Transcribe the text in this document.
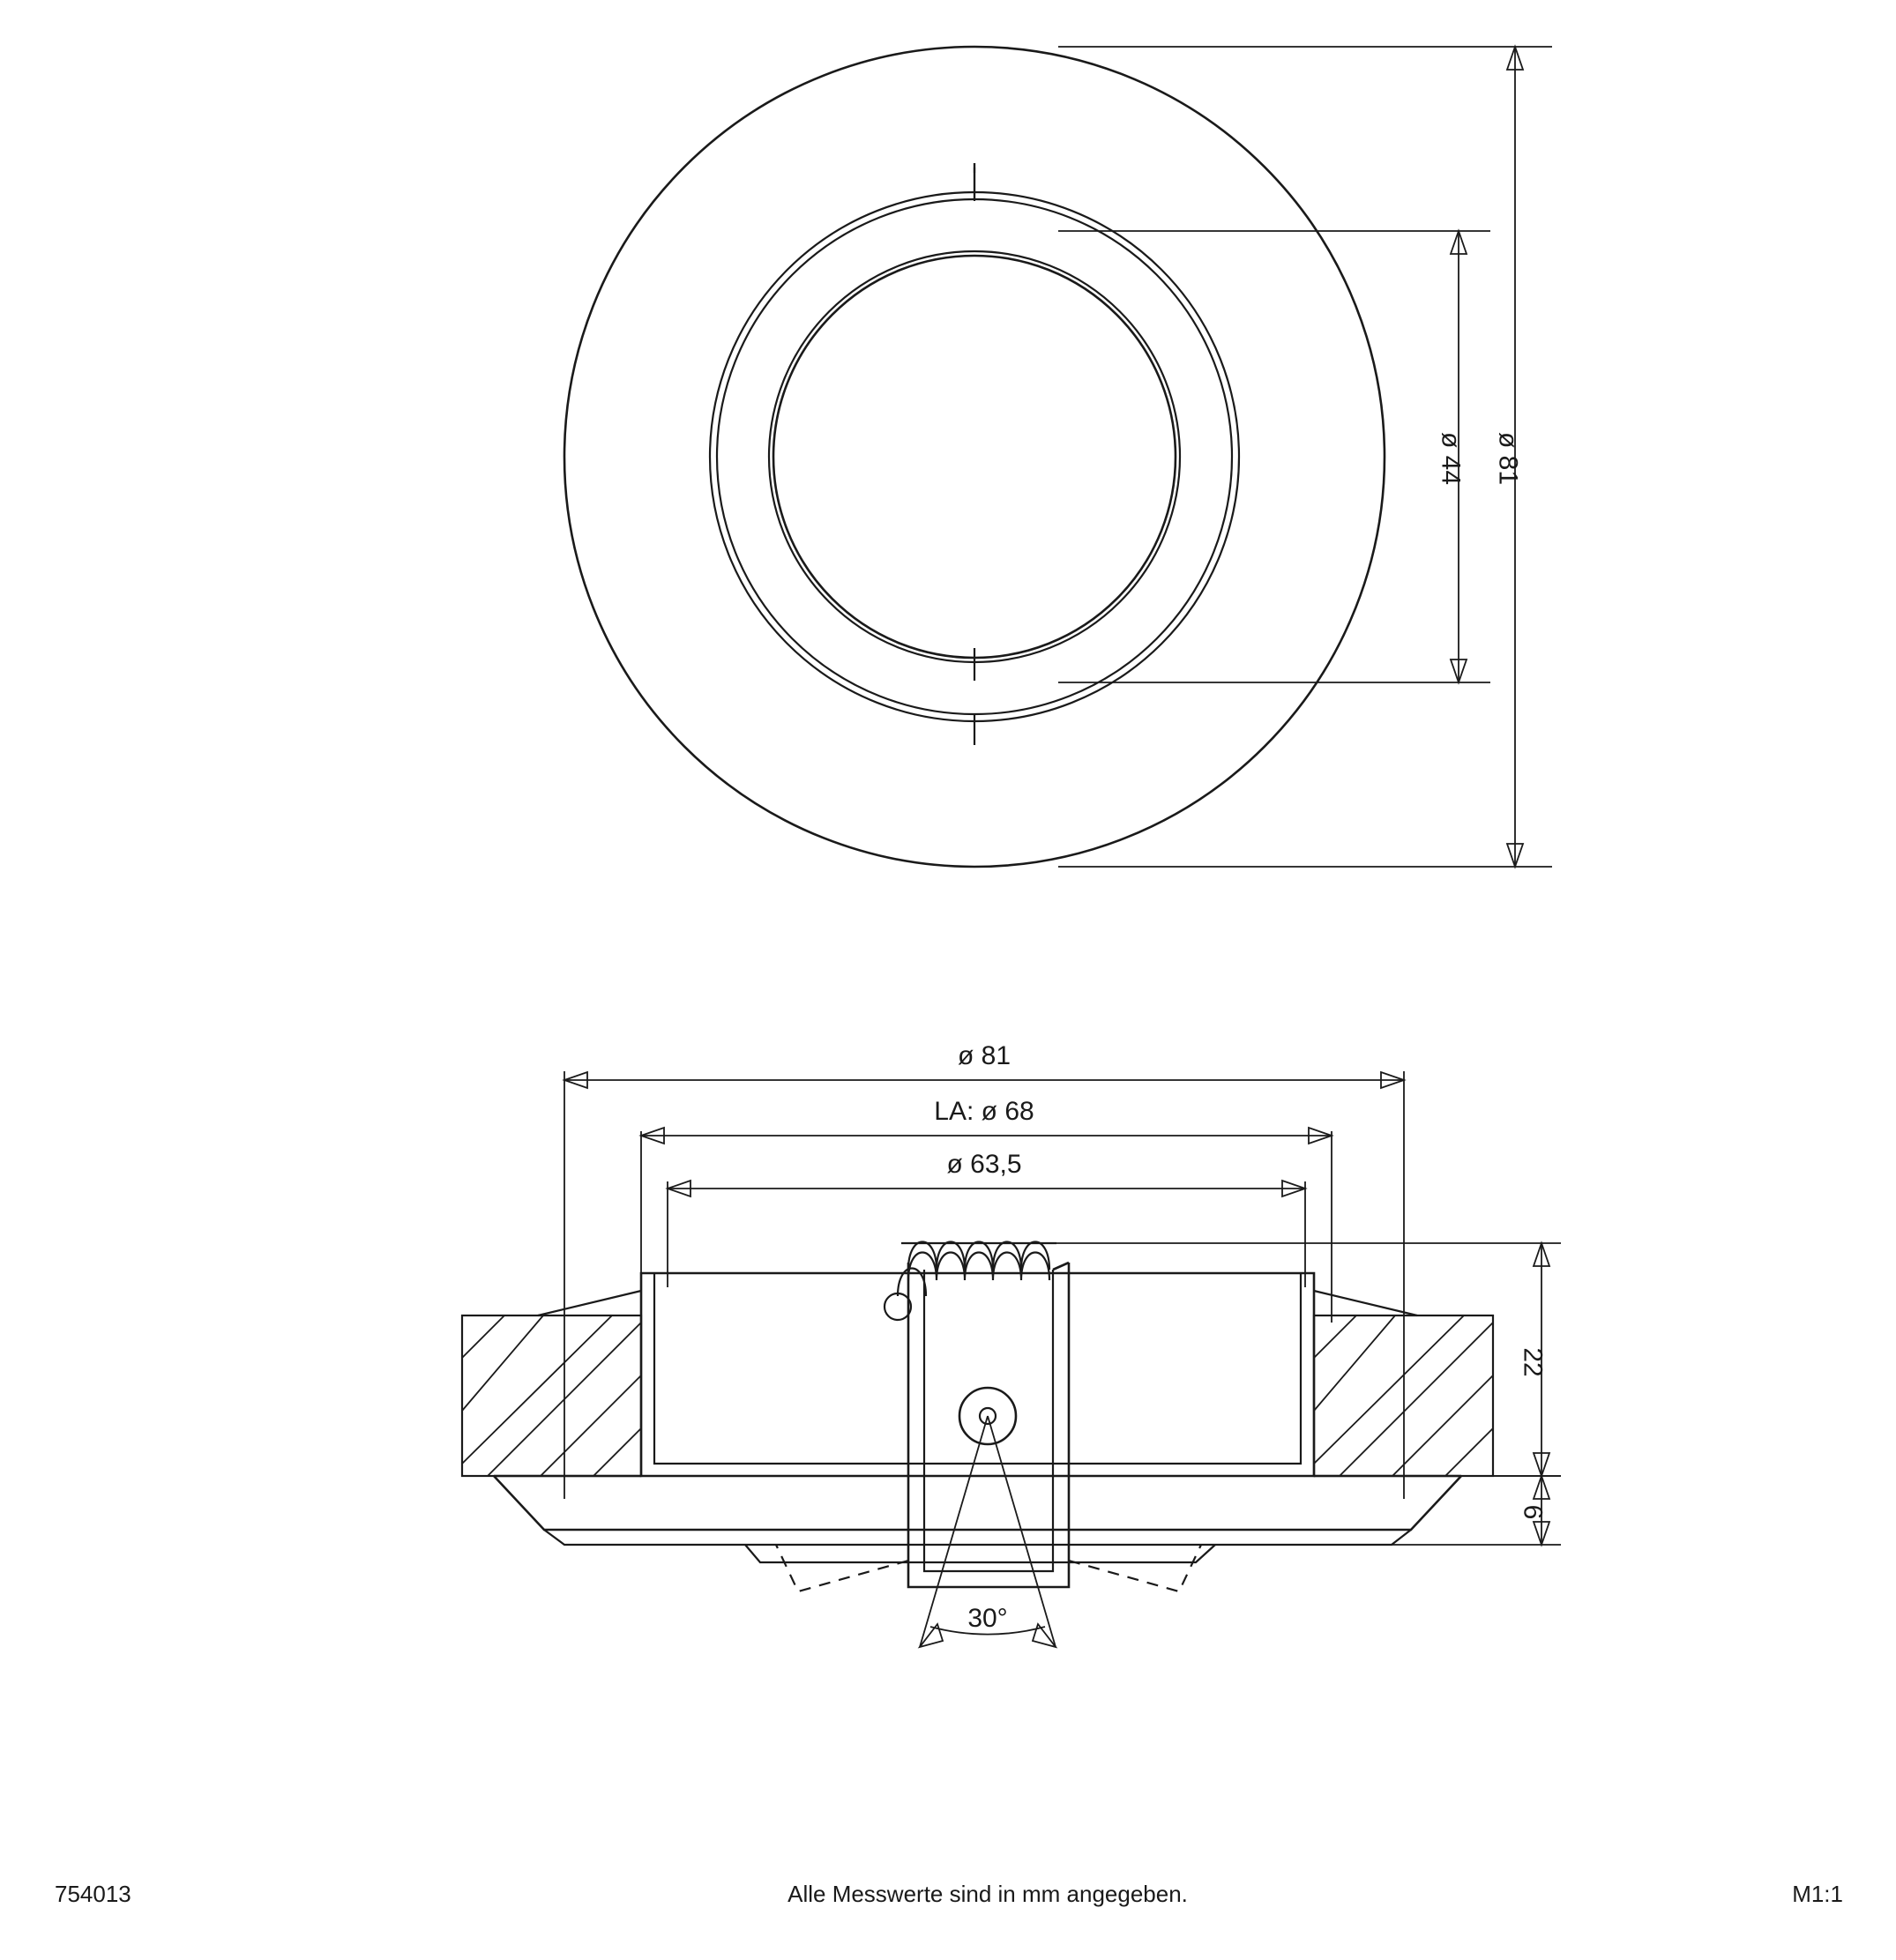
ø 44 ø 81
ø 81
LA: ø 68
ø 63,5
22
6
30°
754013	Alle Messwerte sind in mm angegeben.	M1:1
